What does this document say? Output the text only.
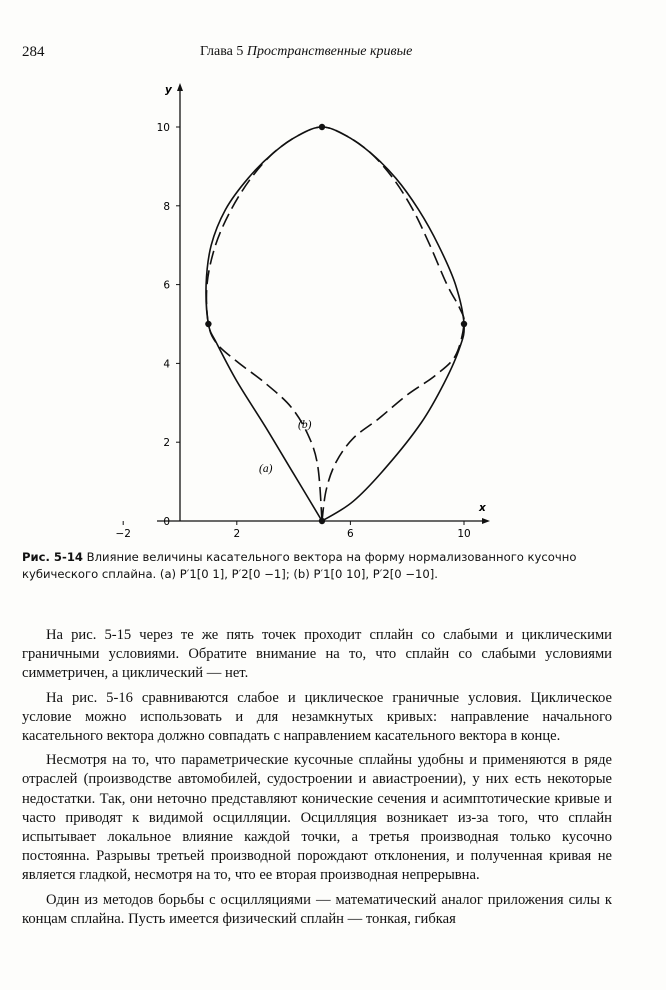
284	Глава 5 Пространственные кривые
x
y
−2	2	6	10
0
2
4
6
8
10
(a)
(b)
Рис. 5-14 Влияние величины касательного вектора на форму нормализованного кусочно кубического сплайна. (a) P′1[0 1], P′2[0 −1]; (b) P′1[0 10], P′2[0 −10].

На рис. 5-15 через те же пять точек проходит сплайн со слабыми и циклическими граничными условиями. Обратите внимание на то, что сплайн со слабыми условиями симметричен, а циклический — нет.

На рис. 5-16 сравниваются слабое и циклическое граничные условия. Циклическое условие можно использовать и для незамкнутых кривых: направление начального касательного вектора должно совпадать с направлением касательного вектора в конце.

Несмотря на то, что параметрические кусочные сплайны удобны и применяются в ряде отраслей (производстве автомобилей, судостроении и авиастроении), у них есть некоторые недостатки. Так, они неточно представляют конические сечения и асимптотические кривые и часто приводят к видимой осцилляции. Осцилляция возникает из-за того, что сплайн испытывает локальное влияние каждой точки, а третья производная только кусочно постоянна. Разрывы третьей производной порождают отклонения, и полученная кривая не является гладкой, несмотря на то, что ее вторая производная непрерывна.

Один из методов борьбы с осцилляциями — математический аналог приложения силы к концам сплайна. Пусть имеется физический сплайн — тонкая, гибкая
